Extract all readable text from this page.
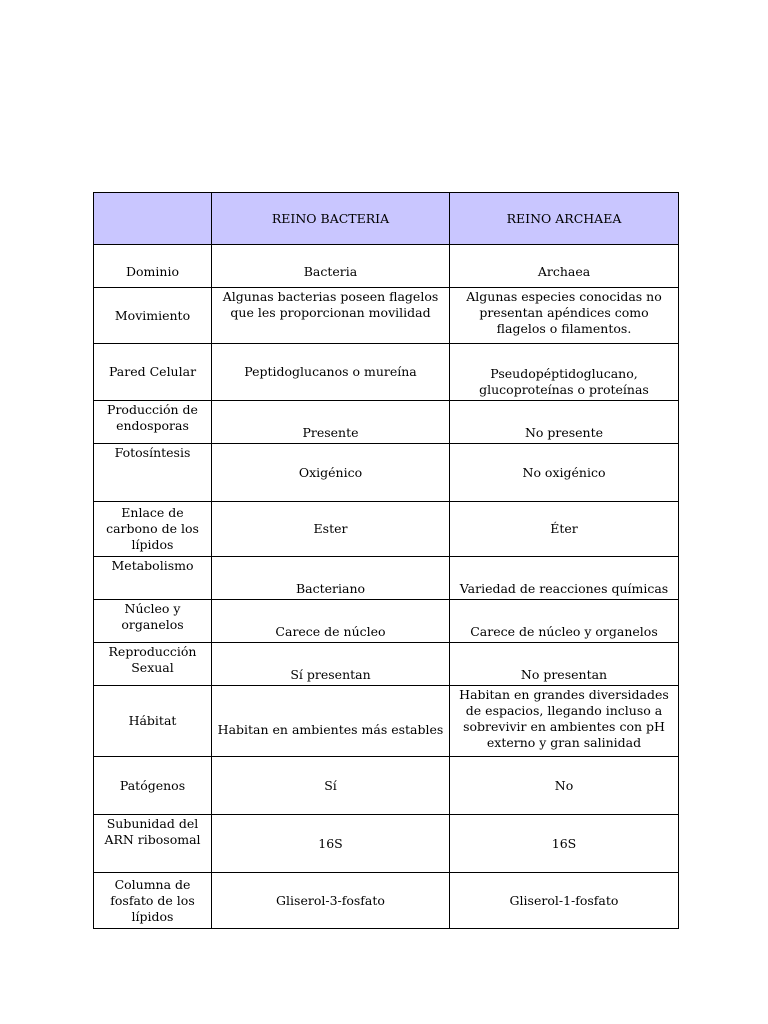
	REINO BACTERIA	REINO ARCHAEA
Dominio	Bacteria	Archaea
Movimiento	Algunas bacterias poseen flagelos que les proporcionan movilidad	Algunas especies conocidas no presentan apéndices como flagelos o filamentos.
Pared Celular	Peptidoglucanos o mureína	Pseudopéptidoglucano, glucoproteínas o proteínas
Producción de endosporas	Presente	No presente
Fotosíntesis	Oxigénico	No oxigénico
Enlace de carbono de los lípidos	Ester	Éter
Metabolismo	Bacteriano	Variedad de reacciones químicas
Núcleo y organelos	Carece de núcleo	Carece de núcleo y organelos
Reproducción Sexual	Sí presentan	No presentan
Hábitat	Habitan en ambientes más estables	Habitan en grandes diversidades de espacios, llegando incluso a sobrevivir en ambientes con pH externo y gran salinidad
Patógenos	Sí	No
Subunidad del ARN ribosomal	16S	16S
Columna de fosfato de los lípidos	Gliserol-3-fosfato	Gliserol-1-fosfato
